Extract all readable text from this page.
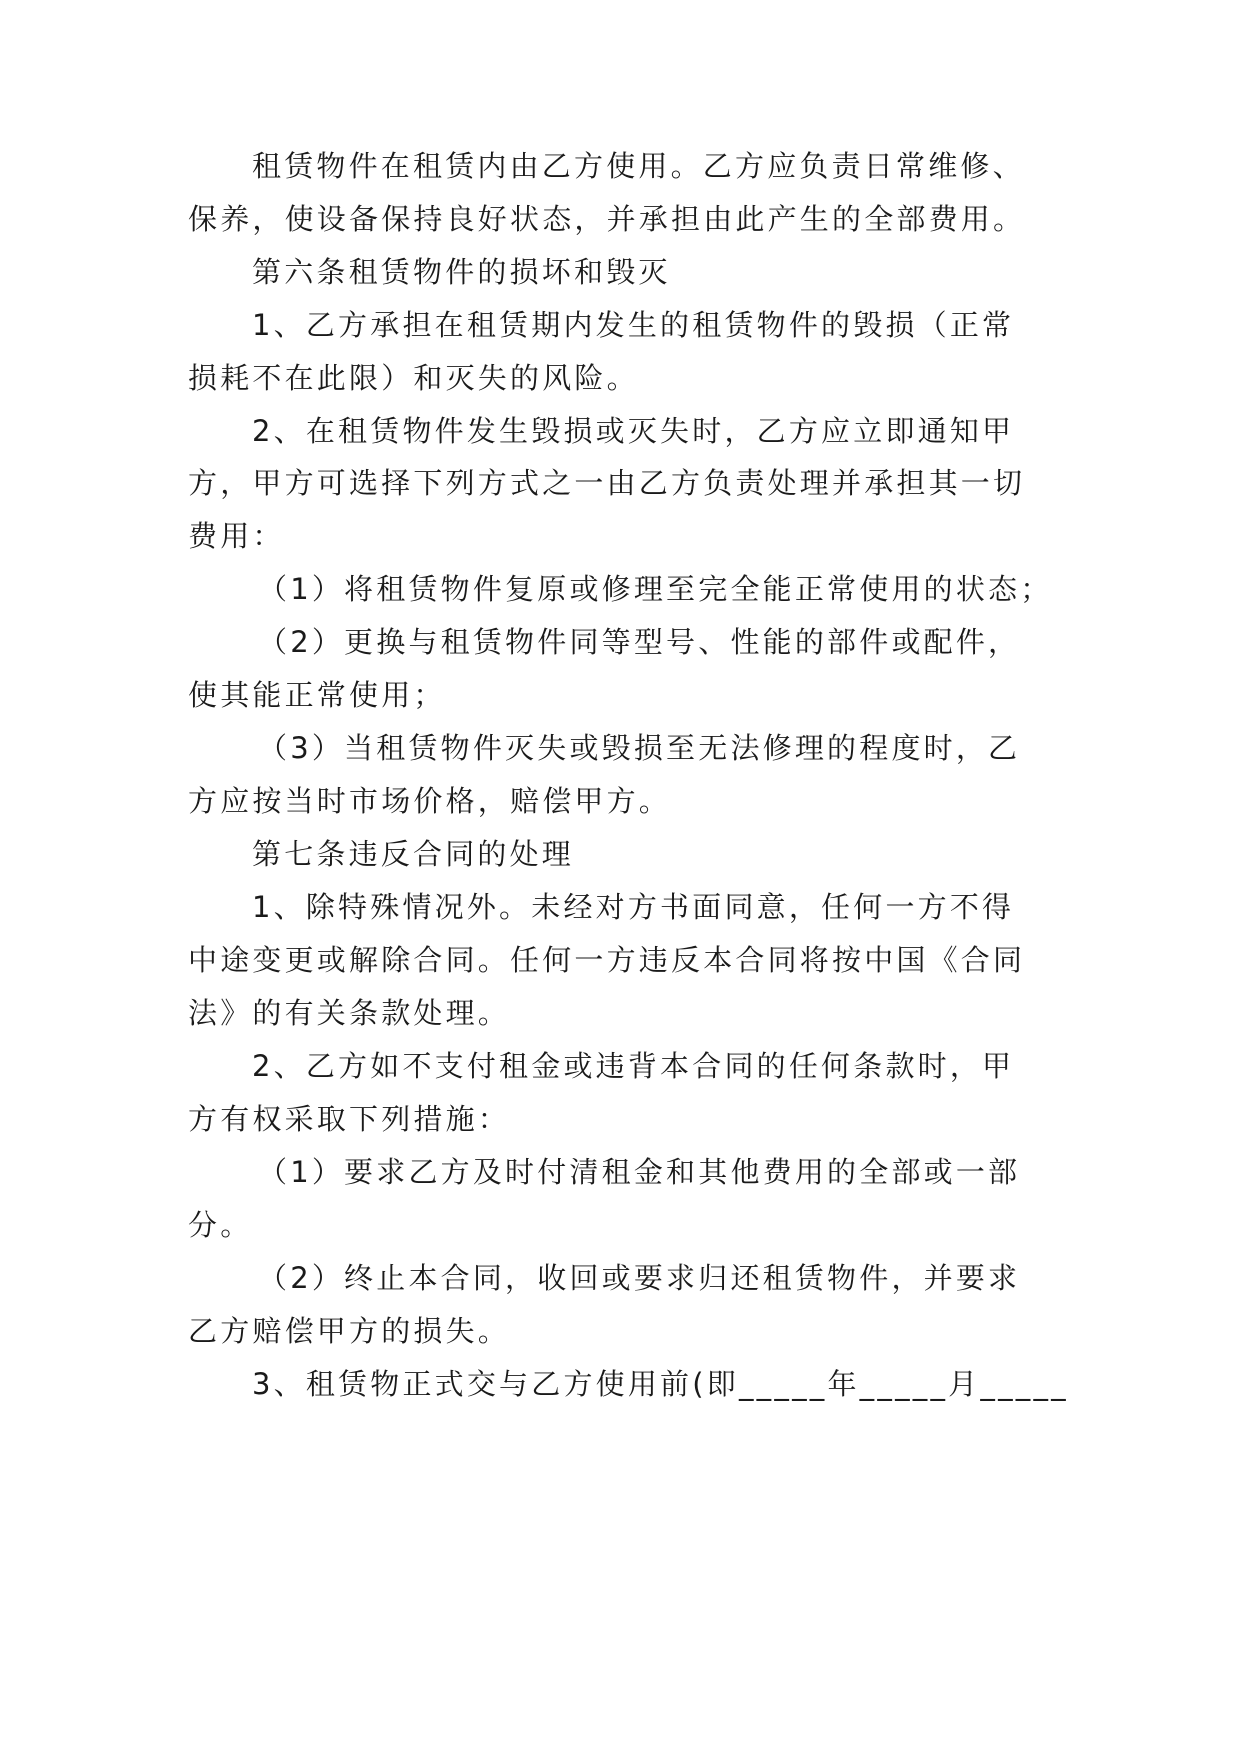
租赁物件在租赁内由乙方使用。乙方应负责日常维修、
保养，使设备保持良好状态，并承担由此产生的全部费用。
第六条租赁物件的损坏和毁灭
1、乙方承担在租赁期内发生的租赁物件的毁损（正常
损耗不在此限）和灭失的风险。
2、在租赁物件发生毁损或灭失时，乙方应立即通知甲
方，甲方可选择下列方式之一由乙方负责处理并承担其一切
费用：
（1）将租赁物件复原或修理至完全能正常使用的状态；
（2）更换与租赁物件同等型号、性能的部件或配件，
使其能正常使用；
（3）当租赁物件灭失或毁损至无法修理的程度时，乙
方应按当时市场价格，赔偿甲方。
第七条违反合同的处理
1、除特殊情况外。未经对方书面同意，任何一方不得
中途变更或解除合同。任何一方违反本合同将按中国《合同
法》的有关条款处理。
2、乙方如不支付租金或违背本合同的任何条款时，甲
方有权采取下列措施：
（1）要求乙方及时付清租金和其他费用的全部或一部
分。
（2）终止本合同，收回或要求归还租赁物件，并要求
乙方赔偿甲方的损失。
3、租赁物正式交与乙方使用前(即_____年_____月_____
